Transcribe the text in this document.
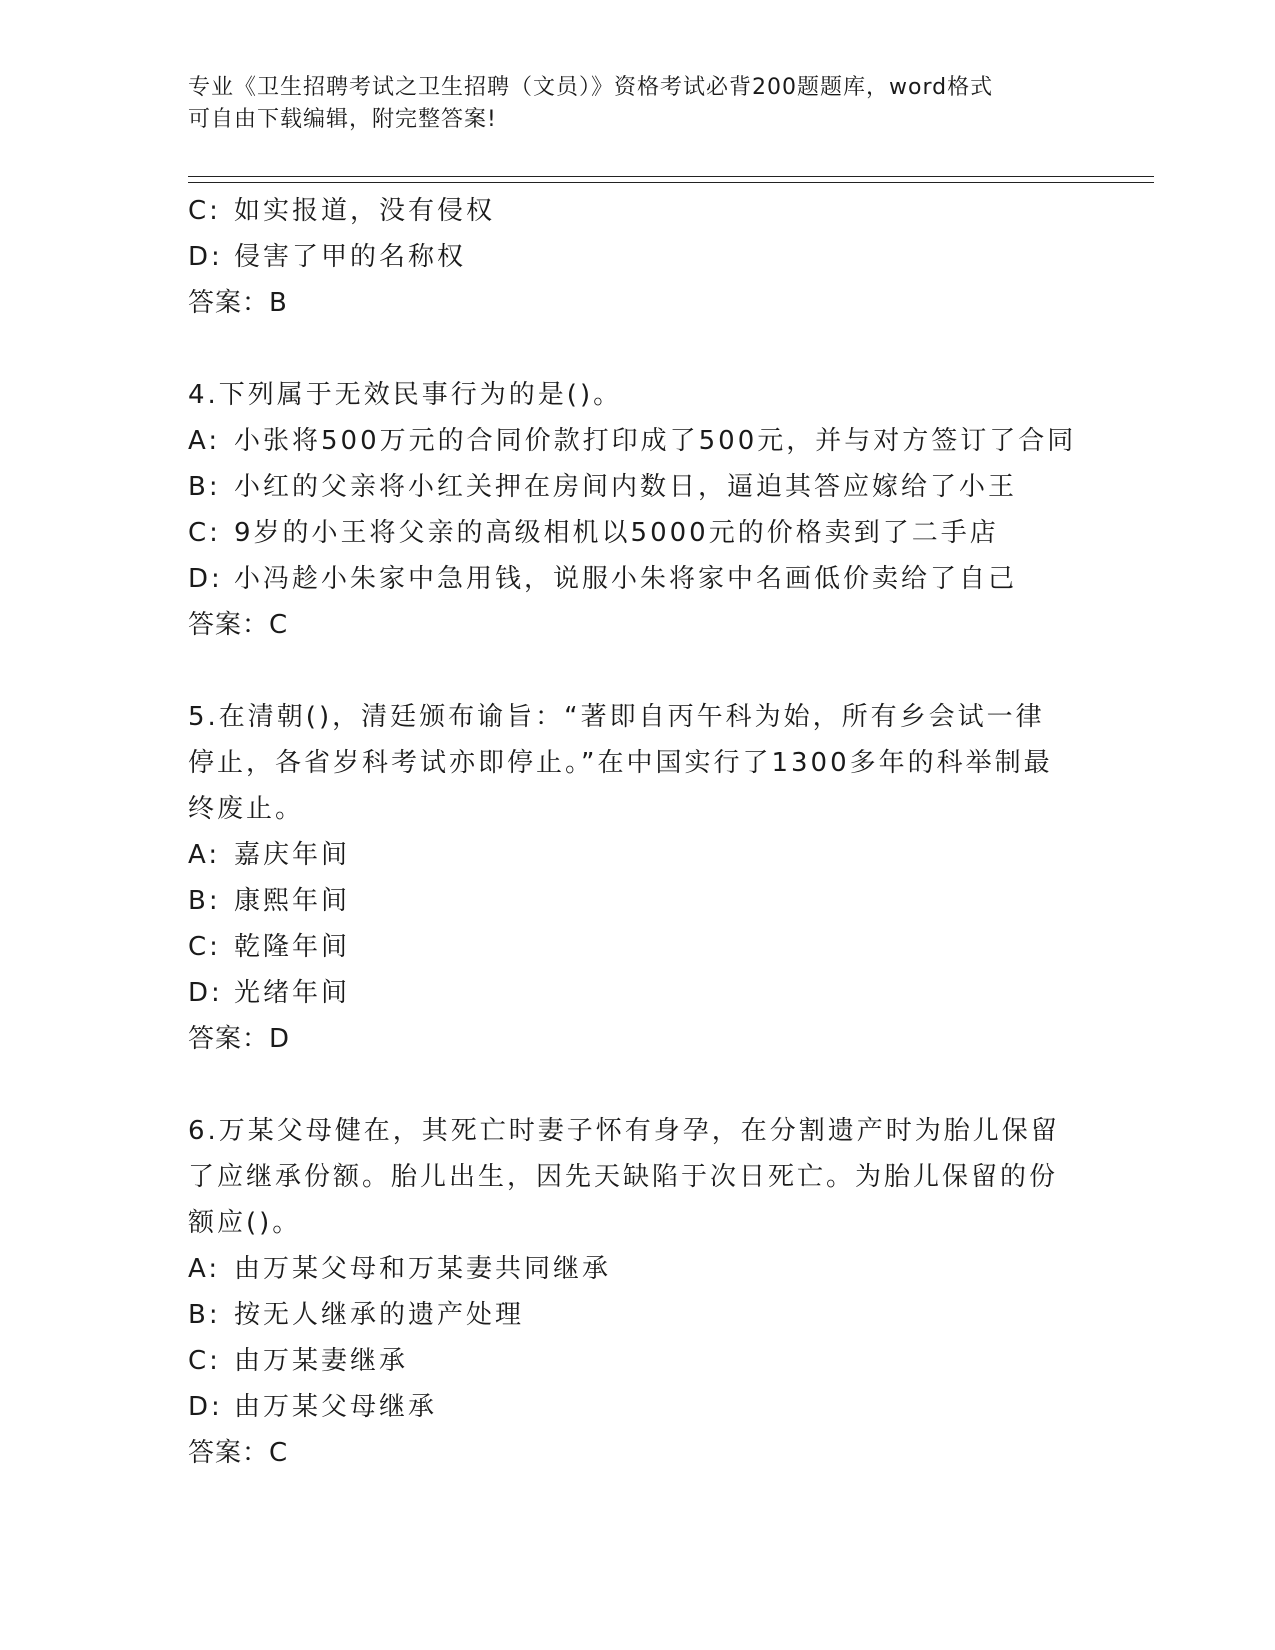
专业《卫生招聘考试之卫生招聘（文员）》资格考试必背200题题库，word格式
可自由下载编辑，附完整答案!
C: 如实报道，没有侵权
D: 侵害了甲的名称权
答案：B
4.下列属于无效民事行为的是()。
A: 小张将500万元的合同价款打印成了500元，并与对方签订了合同
B: 小红的父亲将小红关押在房间内数日，逼迫其答应嫁给了小王
C: 9岁的小王将父亲的高级相机以5000元的价格卖到了二手店
D: 小冯趁小朱家中急用钱，说服小朱将家中名画低价卖给了自己
答案：C
5.在清朝()，清廷颁布谕旨：“著即自丙午科为始，所有乡会试一律
停止，各省岁科考试亦即停止。”在中国实行了1300多年的科举制最
终废止。
A: 嘉庆年间
B: 康熙年间
C: 乾隆年间
D: 光绪年间
答案：D
6.万某父母健在，其死亡时妻子怀有身孕，在分割遗产时为胎儿保留
了应继承份额。胎儿出生，因先天缺陷于次日死亡。为胎儿保留的份
额应()。
A: 由万某父母和万某妻共同继承
B: 按无人继承的遗产处理
C: 由万某妻继承
D: 由万某父母继承
答案：C
